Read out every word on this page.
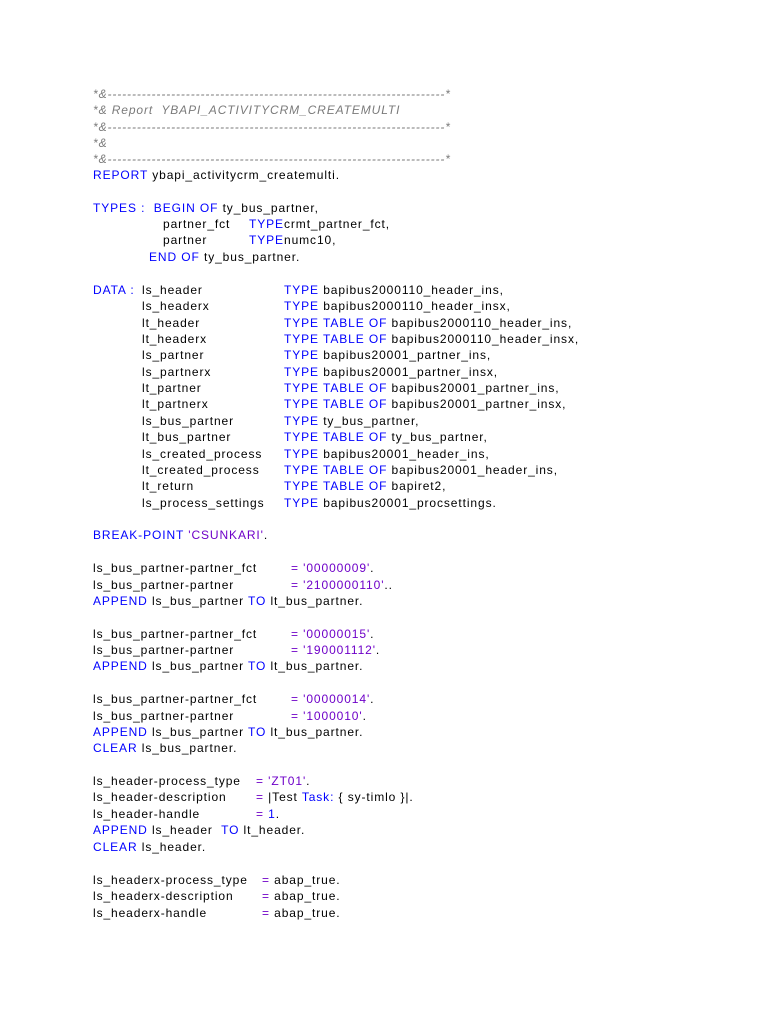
*&---------------------------------------------------------------------*
*& Report  YBAPI_ACTIVITYCRM_CREATEMULTI
*&---------------------------------------------------------------------*
*&
*&---------------------------------------------------------------------*
REPORT ybapi_activitycrm_createmulti.
TYPES : BEGIN OF ty_bus_partner,
partner_fct TYPE crmt_partner_fct,
partner	TYPE numc10,
END OF ty_bus_partner.
DATA : ls_header	TYPE bapibus2000110_header_ins,
ls_headerx	TYPE bapibus2000110_header_insx,
lt_header	TYPE TABLE OF bapibus2000110_header_ins,
lt_headerx	TYPE TABLE OF bapibus2000110_header_insx,
ls_partner	TYPE bapibus20001_partner_ins,
ls_partnerx	TYPE bapibus20001_partner_insx,
lt_partner	TYPE TABLE OF bapibus20001_partner_ins,
lt_partnerx	TYPE TABLE OF bapibus20001_partner_insx,
ls_bus_partner	TYPE ty_bus_partner,
lt_bus_partner	TYPE TABLE OF ty_bus_partner,
ls_created_process TYPE bapibus20001_header_ins,
lt_created_process TYPE TABLE OF bapibus20001_header_ins,
lt_return	TYPE TABLE OF bapiret2,
ls_process_settings TYPE bapibus20001_procsettings.
BREAK-POINT 'CSUNKARI'.
ls_bus_partner-partner_fct	= '00000009'.
ls_bus_partner-partner	= '2100000110'..
APPEND ls_bus_partner TO lt_bus_partner.
ls_bus_partner-partner_fct	= '00000015'.
ls_bus_partner-partner	= '190001112'.
APPEND ls_bus_partner TO lt_bus_partner.
ls_bus_partner-partner_fct	= '00000014'.
ls_bus_partner-partner	= '1000010'.
APPEND ls_bus_partner TO lt_bus_partner.
CLEAR ls_bus_partner.
ls_header-process_type = 'ZT01'.
ls_header-description = |Test Task: { sy-timlo }|.
ls_header-handle	= 1.
APPEND ls_header TO lt_header.
CLEAR ls_header.
ls_headerx-process_type = abap_true.
ls_headerx-description = abap_true.
ls_headerx-handle	= abap_true.
